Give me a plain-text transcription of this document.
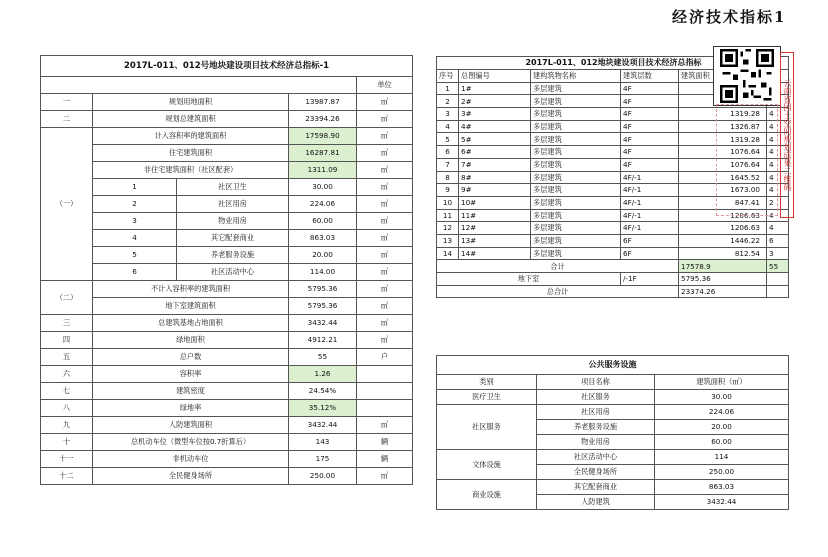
经济技术指标1
2017L-011、012号地块建设项目技术经济总指标-1				
				单位
一	规划用地面积		13987.87	㎡
二	规划总建筑面积		23394.26	㎡
（一）	计入容积率的建筑面积		17598.90	㎡
	住宅建筑面积		16287.81	㎡
	非住宅建筑面积（社区配套）		1311.09	㎡
	1	社区卫生	30.00	㎡
	2	社区用房	224.06	㎡
	3	物业用房	60.00	㎡
	4	其它配套商业	863.03	㎡
	5	养老服务设施	20.00	㎡
	6	社区活动中心	114.00	㎡
（二）	不计入容积率的建筑面积		5795.36	㎡
	地下室建筑面积		5795.36	㎡
三	总建筑基地占地面积		3432.44	㎡
四	绿地面积		4912.21	㎡
五	总户数		55	户
六	容积率		1.26	
七	建筑密度		24.54%	
八	绿地率		35.12%	
九	人防建筑面积		3432.44	㎡
十	总机动车位（微型车位按0.7折算后）		143	辆
十一	非机动车位		175	辆
十二	全民健身场所		250.00	㎡
2017L-011、012地块建设项目技术经济总指标					
序号	总图编号	建构筑物名称	建筑层数	建筑面积	
1	1#	多层建筑	4F		
2	2#	多层建筑	4F		
3	3#	多层建筑	4F	1319.28	4
4	4#	多层建筑	4F	1326.87	4
5	5#	多层建筑	4F	1319.28	4
6	6#	多层建筑	4F	1076.64	4
7	7#	多层建筑	4F	1076.64	4
8	8#	多层建筑	4F/-1	1645.52	4
9	9#	多层建筑	4F/-1	1673.00	4
10	10#	多层建筑	4F/-1	847.41	2
11	11#	多层建筑	4F/-1	1206.63	4
12	12#	多层建筑	4F/-1	1206.63	4
13	13#	多层建筑	6F	1446.22	6
14	14#	多层建筑	6F	812.54	3
合计				17578.9	55
地下室			/-1F	5795.36	
总合计				23374.26	
云南省国土空间规划成果二维码
公共服务设施		
类别	项目名称	建筑面积（㎡）
医疗卫生	社区服务	30.00
社区服务	社区用房	224.06
	养老服务设施	20.00
	物业用房	60.00
文体设施	社区活动中心	114
	全民健身场所	250.00
商业设施	其它配套商业	863.03
	人防建筑	3432.44
